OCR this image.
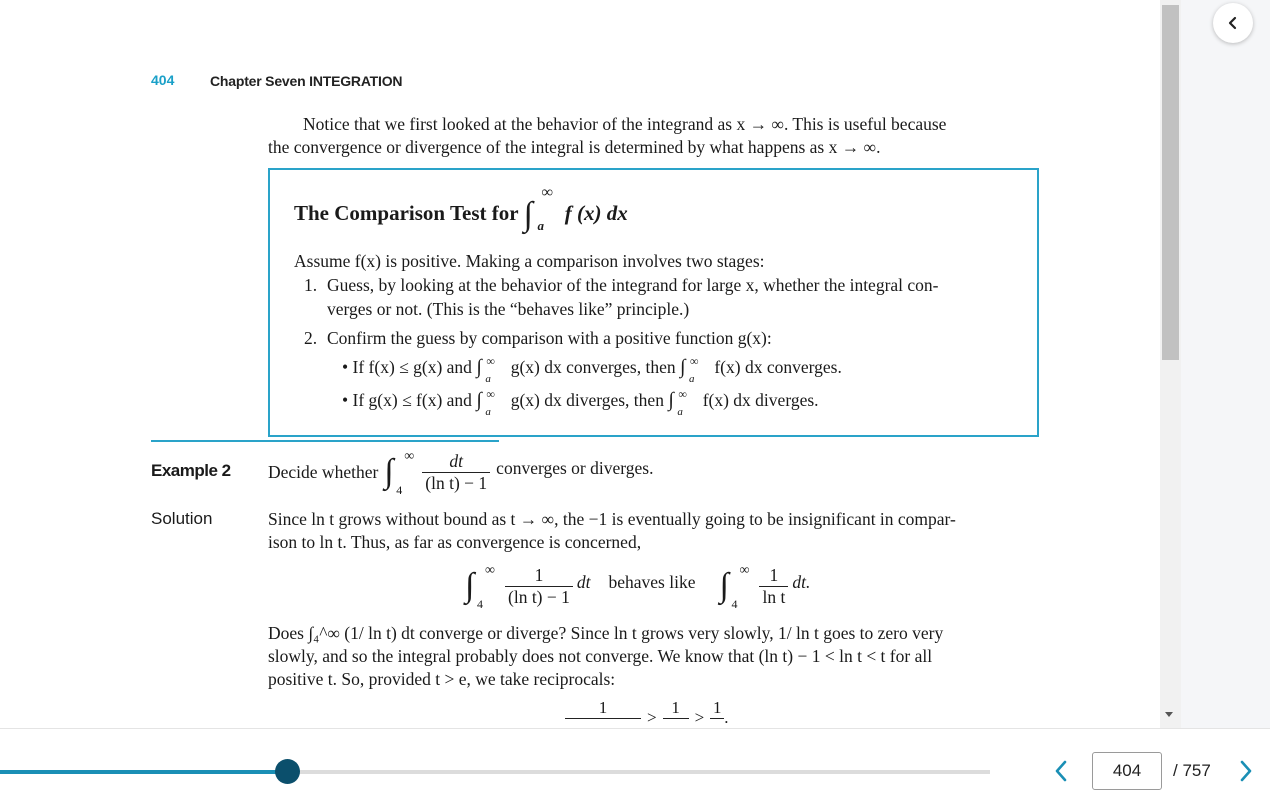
404	Chapter Seven INTEGRATION
Notice that we first looked at the behavior of the integrand as x → ∞. This is useful because
the convergence or divergence of the integral is determined by what happens as x → ∞.
The Comparison Test for ∫
∞
a
f (x) dx
Assume f(x) is positive. Making a comparison involves two stages:
1. Guess, by looking at the behavior of the integrand for large x, whether the integral con-
verges or not. (This is the “behaves like” principle.)
2. Confirm the guess by comparison with a positive function g(x):
• If f(x) ≤ g(x) and ∫ ∞
a
g(x) dx converges, then ∫ ∞
a
f(x) dx converges.
• If g(x) ≤ f(x) and ∫ ∞
a
g(x) dx diverges, then ∫ ∞
a
f(x) dx diverges.
Example 2 Decide whether ∫ ∞
$4 \frac{dt}{\text{(ln t) − 1}}$ converges or diverges.
Solution	Since ln t grows without bound as t → ∞, the −1 is eventually going to be insignificant in compar-
ison to ln t. Thus, as far as convergence is concerned,
∫ ∞
$4 \frac{1}{\text{(ln t) − 1}}$ dt behaves like ∫ ∞
$4 \frac{1}{\text{ln t}}$ dt.
Does ∫₄^∞ (1/ ln t) dt converge or diverge? Since ln t grows very slowly, 1/ ln t goes to zero very
slowly, and so the integral probably does not converge. We know that (ln t) − 1 < ln t < t for all
positive t. So, provided t > e, we take reciprocals:
1
>
1
>
1
.
404
/ 757
